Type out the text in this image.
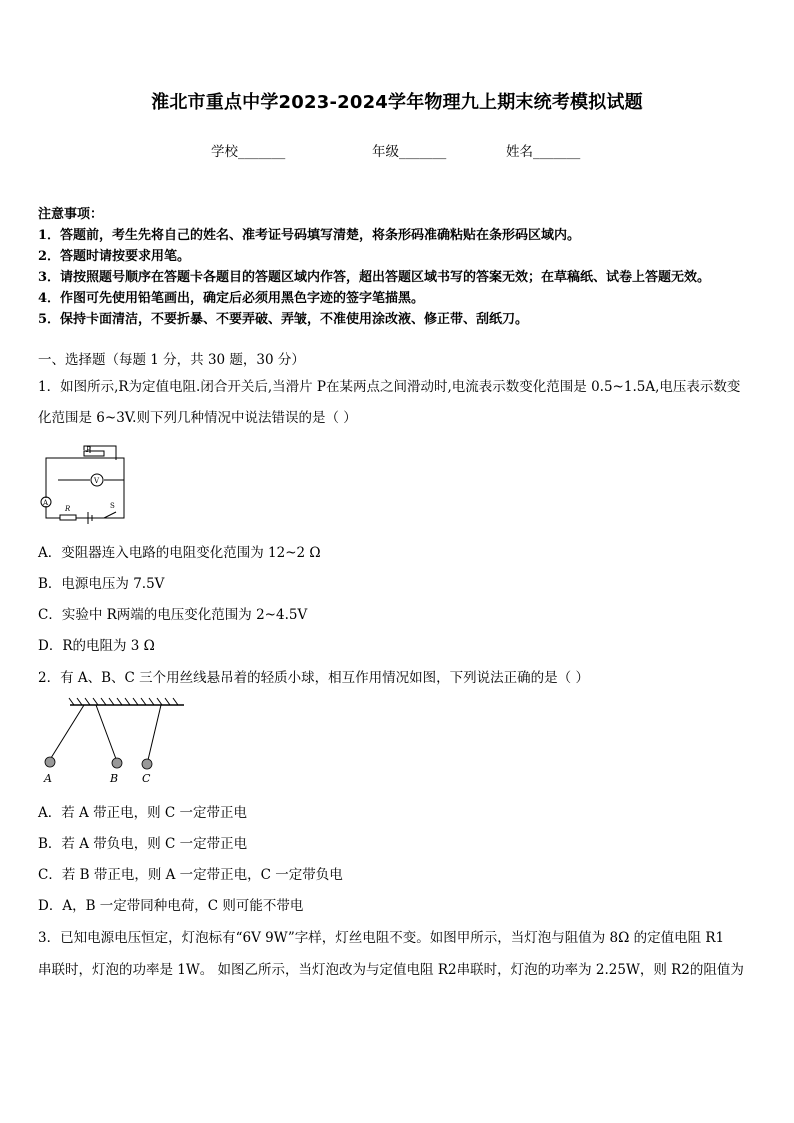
淮北市重点中学2023-2024学年物理九上期末统考模拟试题
学校_______	年级_______	姓名_______
注意事项：
1．答题前，考生先将自己的姓名、准考证号码填写清楚，将条形码准确粘贴在条形码区域内。
2．答题时请按要求用笔。
3．请按照题号顺序在答题卡各题目的答题区域内作答，超出答题区域书写的答案无效；在草稿纸、试卷上答题无效。
4．作图可先使用铅笔画出，确定后必须用黑色字迹的签字笔描黑。
5．保持卡面清洁，不要折暴、不要弄破、弄皱，不准使用涂改液、修正带、刮纸刀。
一、选择题（每题 1 分，共 30 题，30 分）
1．如图所示,R为定值电阻.闭合开关后,当滑片 P在某两点之间滑动时,电流表示数变化范围是 0.5~1.5A,电压表示数变
化范围是 6~3V.则下列几种情况中说法错误的是（ ）
P
V
A
R	S
A．变阻器连入电路的电阻变化范围为 12~2 Ω
B．电源电压为 7.5V
C．实验中 R两端的电压变化范围为 2~4.5V
D．R的电阻为 3 Ω
2．有 A、B、C 三个用丝线悬吊着的轻质小球，相互作用情况如图，下列说法正确的是（ ）
A	B C
A．若 A 带正电，则 C 一定带正电
B．若 A 带负电，则 C 一定带正电
C．若 B 带正电，则 A 一定带正电，C 一定带负电
D．A，B 一定带同种电荷，C 则可能不带电
3．已知电源电压恒定，灯泡标有“6V 9W”字样，灯丝电阻不变。如图甲所示，当灯泡与阻值为 8Ω 的定值电阻 R1
串联时，灯泡的功率是 1W。 如图乙所示，当灯泡改为与定值电阻 R2串联时，灯泡的功率为 2.25W，则 R2的阻值为
